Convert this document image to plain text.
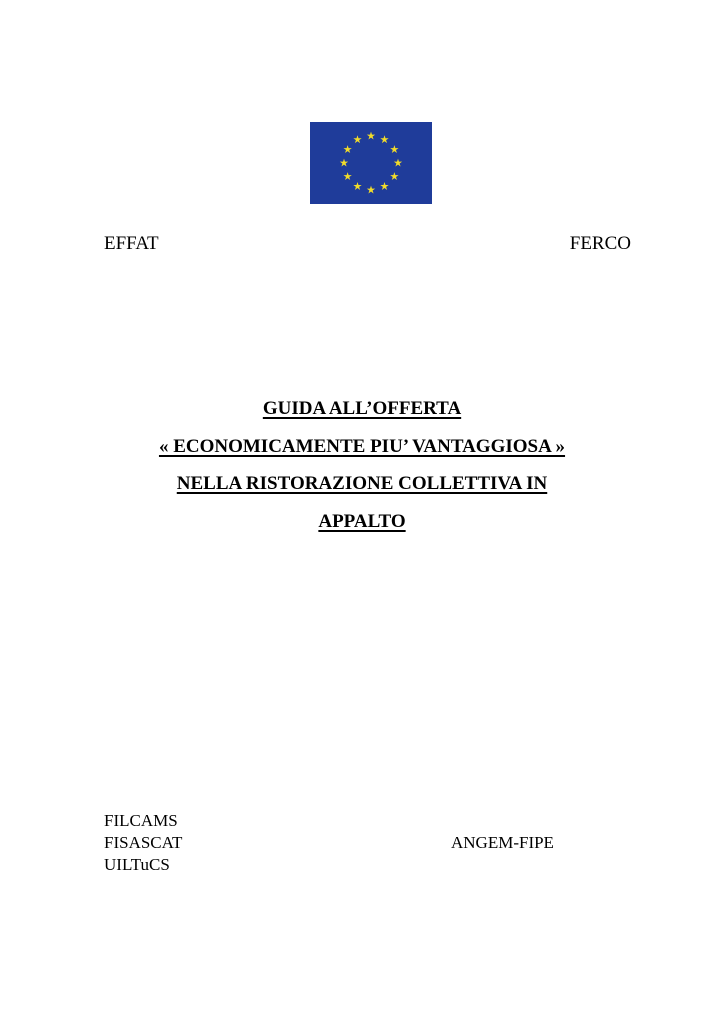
EFFAT	FERCO
GUIDA ALL’OFFERTA
« ECONOMICAMENTE PIU’ VANTAGGIOSA »
NELLA RISTORAZIONE COLLETTIVA IN
APPALTO
FILCAMS
FISASCAT
UILTuCS
ANGEM-FIPE
